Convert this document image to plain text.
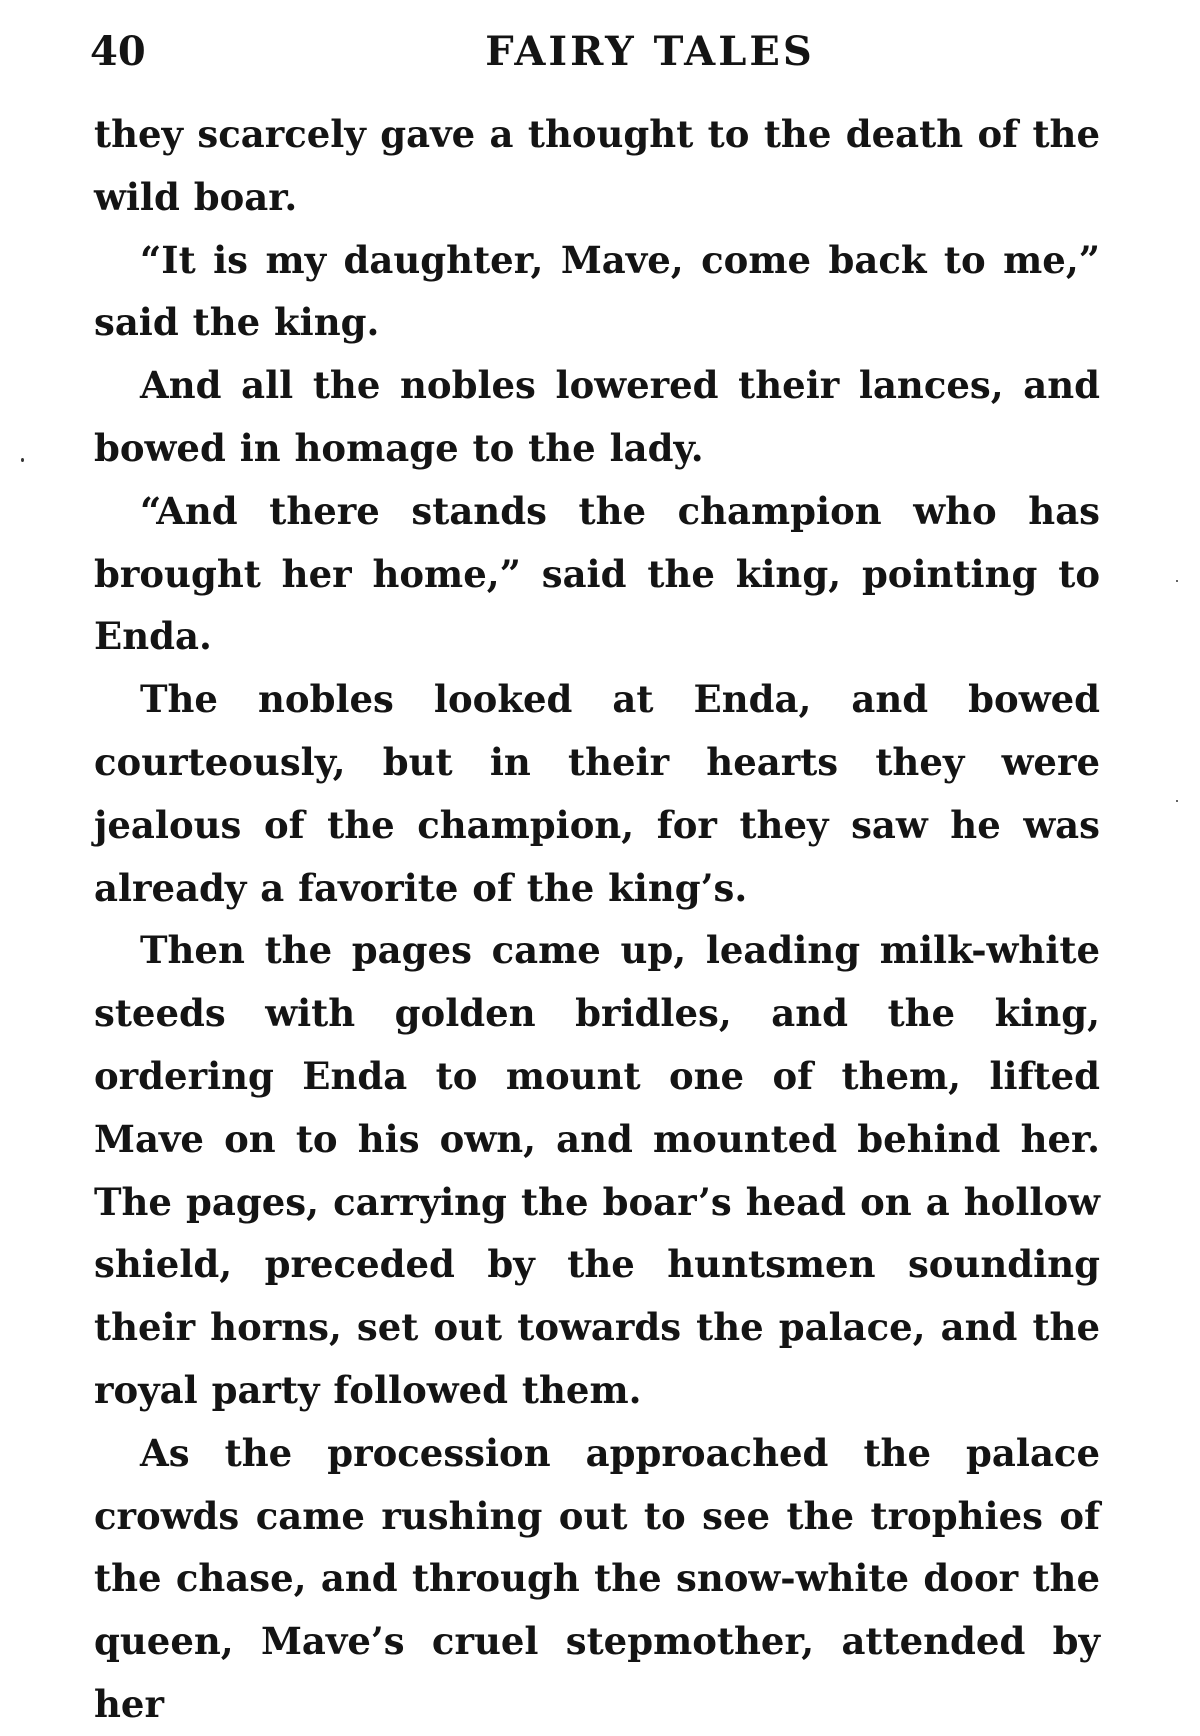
40	FAIRY TALES

they scarcely gave a thought to the death of the wild boar.

“It is my daughter, Mave, come back to me,” said the king.

And all the nobles lowered their lances, and bowed in homage to the lady.

“And there stands the champion who has brought her home,” said the king, pointing to Enda.

The nobles looked at Enda, and bowed courteously, but in their hearts they were jealous of the champion, for they saw he was already a favorite of the king’s.

Then the pages came up, leading milk-white steeds with golden bridles, and the king, ordering Enda to mount one of them, lifted Mave on to his own, and mounted behind her. The pages, carrying the boar’s head on a hollow shield, preceded by the huntsmen sounding their horns, set out towards the palace, and the royal party followed them.

As the procession approached the palace crowds came rushing out to see the trophies of the chase, and through the snow-white door the queen, Mave’s cruel stepmother, attended by her
